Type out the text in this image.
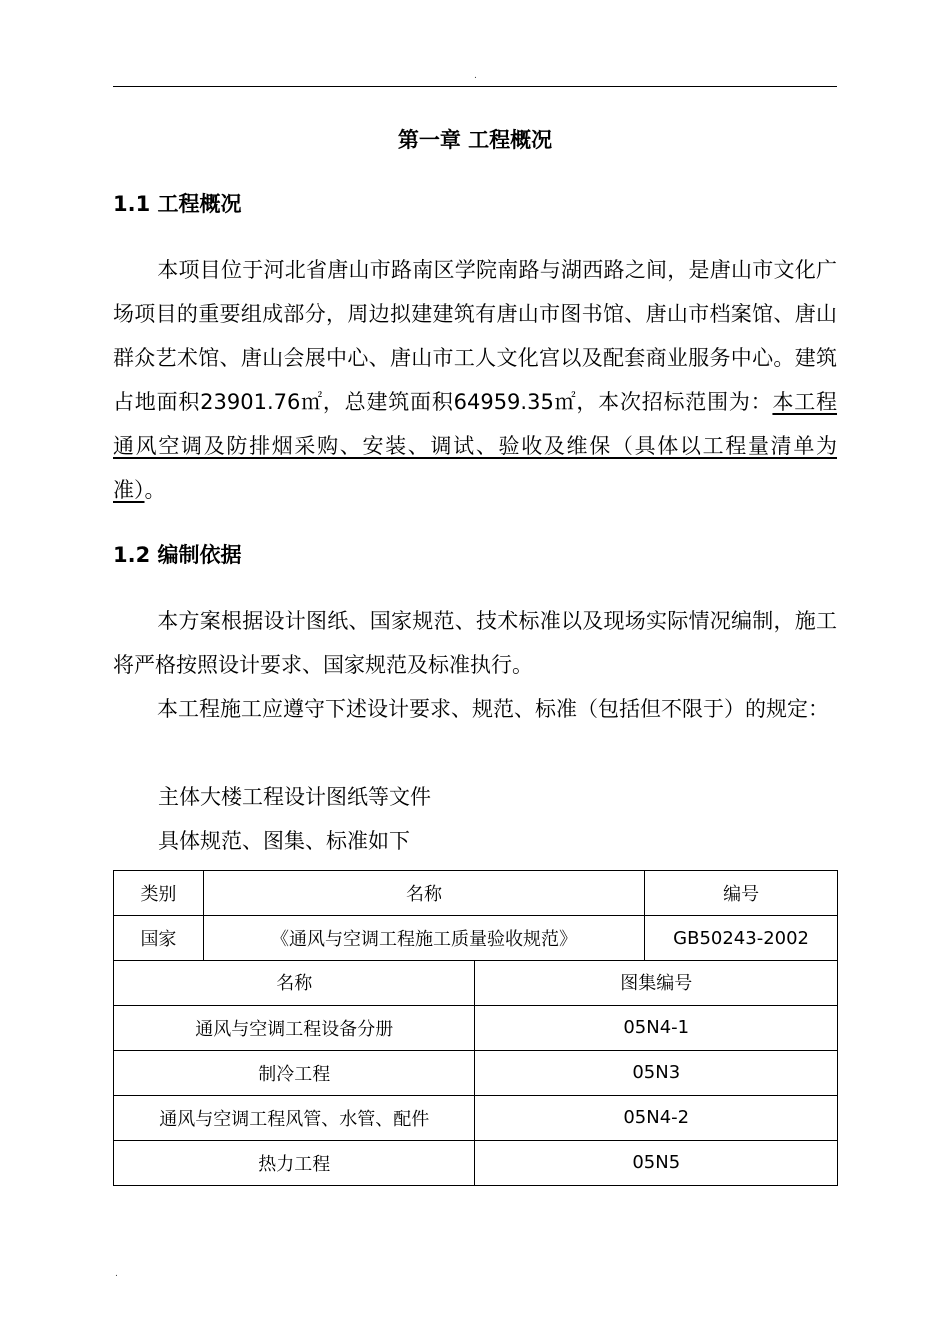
.
第一章 工程概况
1.1 工程概况
本项目位于河北省唐山市路南区学院南路与湖西路之间，是唐山市文化广场项目的重要组成部分，周边拟建建筑有唐山市图书馆、唐山市档案馆、唐山群众艺术馆、唐山会展中心、唐山市工人文化宫以及配套商业服务中心。建筑占地面积23901.76㎡，总建筑面积64959.35㎡，本次招标范围为：本工程通风空调及防排烟采购、安装、调试、验收及维保（具体以工程量清单为准）。
1.2 编制依据
本方案根据设计图纸、国家规范、技术标准以及现场实际情况编制，施工将严格按照设计要求、国家规范及标准执行。
本工程施工应遵守下述设计要求、规范、标准（包括但不限于）的规定：
主体大楼工程设计图纸等文件
具体规范、图集、标准如下
类别	名称	编号
国家	《通风与空调工程施工质量验收规范》	GB50243-2002
名称	图集编号
通风与空调工程设备分册	05N4-1
制冷工程	05N3
通风与空调工程风管、水管、配件	05N4-2
热力工程	05N5
.
